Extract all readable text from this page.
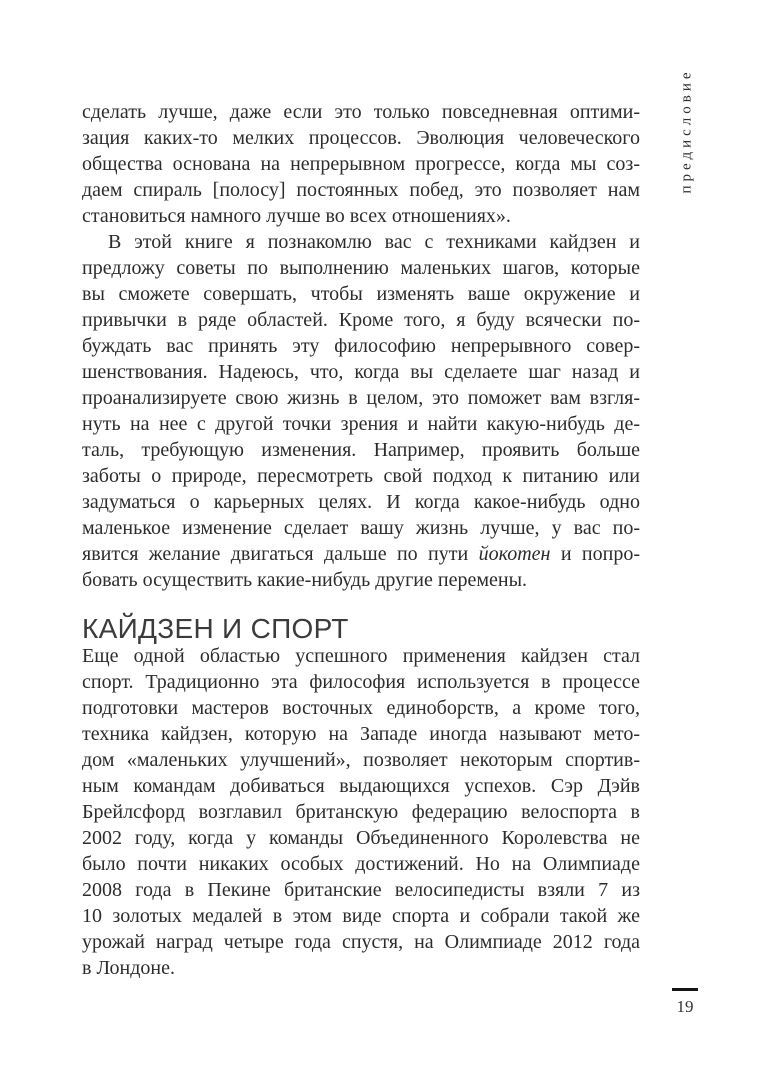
предисловие
сделать лучше, даже если это только повседневная оптими-
зация каких-то мелких процессов. Эволюция человеческого
общества основана на непрерывном прогрессе, когда мы соз-
даем спираль [полосу] постоянных побед, это позволяет нам
становиться намного лучше во всех отношениях».
В этой книге я познакомлю вас с техниками кайдзен и
предложу советы по выполнению маленьких шагов, которые
вы сможете совершать, чтобы изменять ваше окружение и
привычки в ряде областей. Кроме того, я буду всячески по-
буждать вас принять эту философию непрерывного совер-
шенствования. Надеюсь, что, когда вы сделаете шаг назад и
проанализируете свою жизнь в целом, это поможет вам взгля-
нуть на нее с другой точки зрения и найти какую-нибудь де-
таль, требующую изменения. Например, проявить больше
заботы о природе, пересмотреть свой подход к питанию или
задуматься о карьерных целях. И когда какое-нибудь одно
маленькое изменение сделает вашу жизнь лучше, у вас по-
явится желание двигаться дальше по пути йокотен и попро-
бовать осуществить какие-нибудь другие перемены.
КАЙДЗЕН И СПОРТ
Еще одной областью успешного применения кайдзен стал
спорт. Традиционно эта философия используется в процессе
подготовки мастеров восточных единоборств, а кроме того,
техника кайдзен, которую на Западе иногда называют мето-
дом «маленьких улучшений», позволяет некоторым спортив-
ным командам добиваться выдающихся успехов. Сэр Дэйв
Брейлсфорд возглавил британскую федерацию велоспорта в
2002 году, когда у команды Объединенного Королевства не
было почти никаких особых достижений. Но на Олимпиаде
2008 года в Пекине британские велосипедисты взяли 7 из
10 золотых медалей в этом виде спорта и собрали такой же
урожай наград четыре года спустя, на Олимпиаде 2012 года
в Лондоне.
19
